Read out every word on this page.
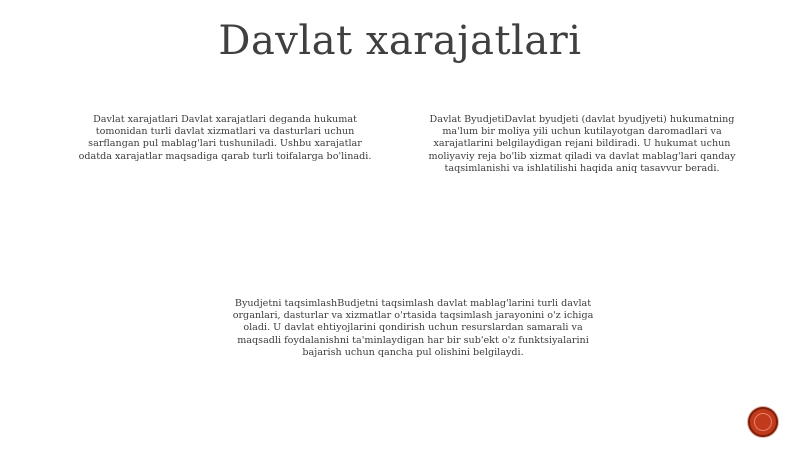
Davlat xarajatlari
Davlat xarajatlari Davlat xarajatlari deganda hukumat tomonidan turli davlat xizmatlari va dasturlari uchun sarflangan pul mablag'lari tushuniladi. Ushbu xarajatlar odatda xarajatlar maqsadiga qarab turli toifalarga bo'linadi.
Davlat ByudjetiDavlat byudjeti (davlat byudjyeti) hukumatning ma'lum bir moliya yili uchun kutilayotgan daromadlari va xarajatlarini belgilaydigan rejani bildiradi. U hukumat uchun moliyaviy reja bo'lib xizmat qiladi va davlat mablag'lari qanday taqsimlanishi va ishlatilishi haqida aniq tasavvur beradi.
Byudjetni taqsimlashBudjetni taqsimlash davlat mablag'larini turli davlat organlari, dasturlar va xizmatlar o'rtasida taqsimlash jarayonini o'z ichiga oladi. U davlat ehtiyojlarini qondirish uchun resurslardan samarali va maqsadli foydalanishni ta'minlaydigan har bir sub'ekt o'z funktsiyalarini bajarish uchun qancha pul olishini belgilaydi.
